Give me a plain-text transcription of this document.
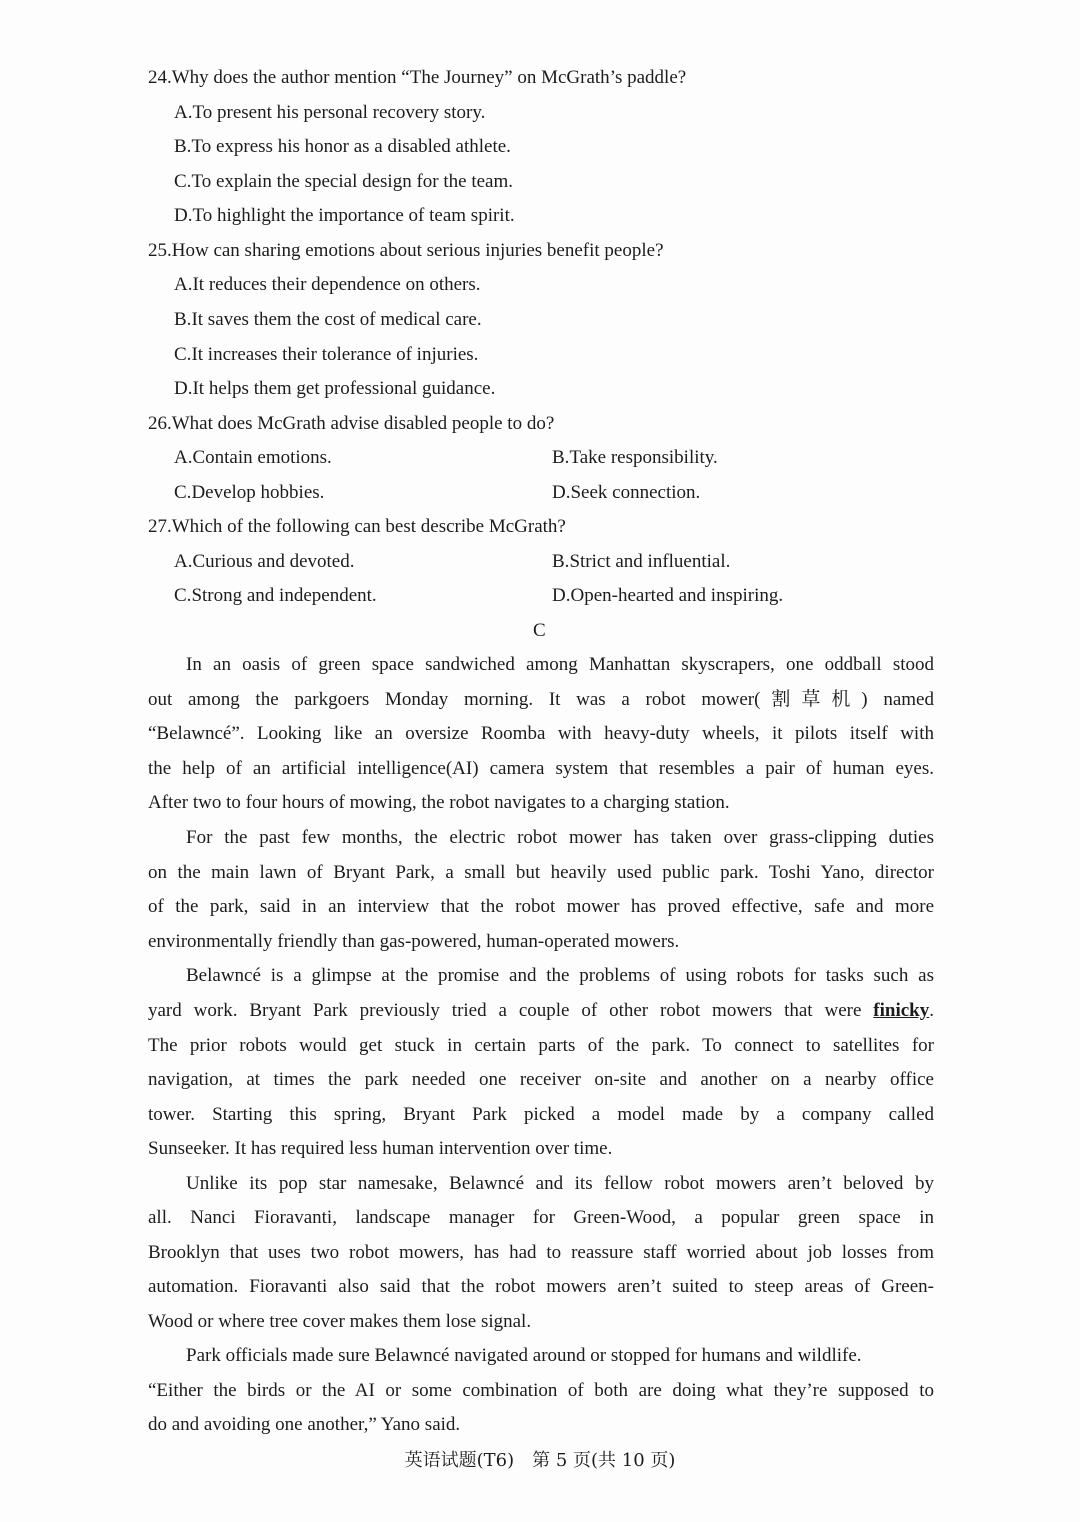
24.Why does the author mention “The Journey” on McGrath’s paddle?
A.To present his personal recovery story.
B.To express his honor as a disabled athlete.
C.To explain the special design for the team.
D.To highlight the importance of team spirit.
25.How can sharing emotions about serious injuries benefit people?
A.It reduces their dependence on others.
B.It saves them the cost of medical care.
C.It increases their tolerance of injuries.
D.It helps them get professional guidance.
26.What does McGrath advise disabled people to do?
A.Contain emotions.	B.Take responsibility.
C.Develop hobbies.	D.Seek connection.
27.Which of the following can best describe McGrath?
A.Curious and devoted.	B.Strict and influential.
C.Strong and independent.	D.Open-hearted and inspiring.
C
In an oasis of green space sandwiched among Manhattan skyscrapers, one oddball stood
out among the parkgoers Monday morning. It was a robot mower(割草机) named
“Belawncé”. Looking like an oversize Roomba with heavy-duty wheels, it pilots itself with
the help of an artificial intelligence(AI) camera system that resembles a pair of human eyes.
After two to four hours of mowing, the robot navigates to a charging station.
For the past few months, the electric robot mower has taken over grass-clipping duties
on the main lawn of Bryant Park, a small but heavily used public park. Toshi Yano, director
of the park, said in an interview that the robot mower has proved effective, safe and more
environmentally friendly than gas-powered, human-operated mowers.
Belawncé is a glimpse at the promise and the problems of using robots for tasks such as
yard work. Bryant Park previously tried a couple of other robot mowers that were finicky.
The prior robots would get stuck in certain parts of the park. To connect to satellites for
navigation, at times the park needed one receiver on-site and another on a nearby office
tower. Starting this spring, Bryant Park picked a model made by a company called
Sunseeker. It has required less human intervention over time.
Unlike its pop star namesake, Belawncé and its fellow robot mowers aren’t beloved by
all. Nanci Fioravanti, landscape manager for Green-Wood, a popular green space in
Brooklyn that uses two robot mowers, has had to reassure staff worried about job losses from
automation. Fioravanti also said that the robot mowers aren’t suited to steep areas of Green-
Wood or where tree cover makes them lose signal.
Park officials made sure Belawncé navigated around or stopped for humans and wildlife.
“Either the birds or the AI or some combination of both are doing what they’re supposed to
do and avoiding one another,” Yano said.
英语试题(T6)　第 5 页(共 10 页)
